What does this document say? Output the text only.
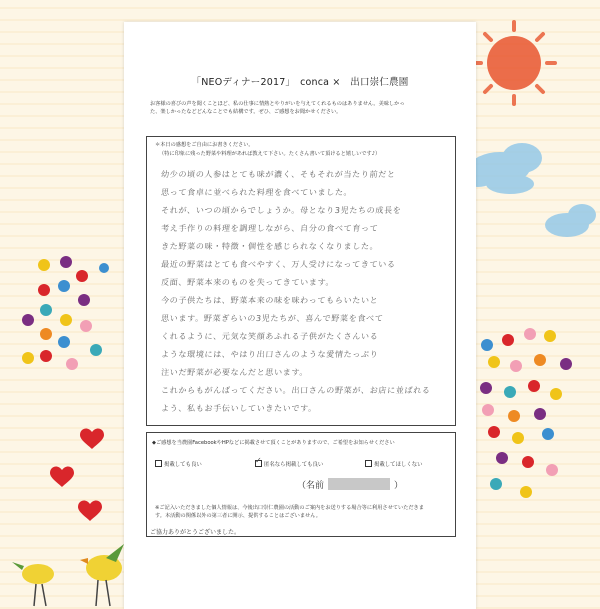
「NEOディナー2017」　conca ×　出口崇仁農園
お客様の喜びの声を聞くことほど、私の仕事に情熱とやりがいを与えてくれるものはありません。美味しかっ
た、楽しかったなどどんなことでも結構です。ぜひ、ご感想をお聞かせください。
＊本日の感想をご自由にお書きください。
（特に印象に残った野菜や料理があれば教えて下さい。たくさん書いて頂けると嬉しいです♪）
幼少の頃の人参はとても味が濃く、そもそれが当たり前だと
思って食卓に並べられた料理を食べていました。
それが、いつの頃からでしょうか。母となり3児たちの成長を
考え手作りの料理を調理しながら、自分の食べて育って
きた野菜の味・特徴・個性を感じられなくなりました。
最近の野菜はとても食べやすく、万人受けになってきている
反面、野菜本来のものを失ってきています。
今の子供たちは、野菜本来の味を味わってもらいたいと
思います。野菜ぎらいの3児たちが、喜んで野菜を食べて
くれるように、元気な笑顔あふれる子供がたくさんいる
ような環境には、やはり出口さんのような愛情たっぷり
注いだ野菜が必要なんだと思います。
これからもがんばってください。出口さんの野菜が、お店に並ばれる
よう、私もお手伝いしていきたいです。
◆ご感想を当農園FacebookやHPなどに掲載させて頂くことがありますので、ご希望をお知らせください
掲載しても良い	✓ 匿名なら掲載しても良い	掲載してほしくない
（名前	）
※ご記入いただきました個人情報は、今後出口崇仁農園の活動のご案内をお送りする場合等に利用させていただきま
す。本活動の関係以外の第三者に開示、提供することはございません。
ご協力ありがとうございました。
